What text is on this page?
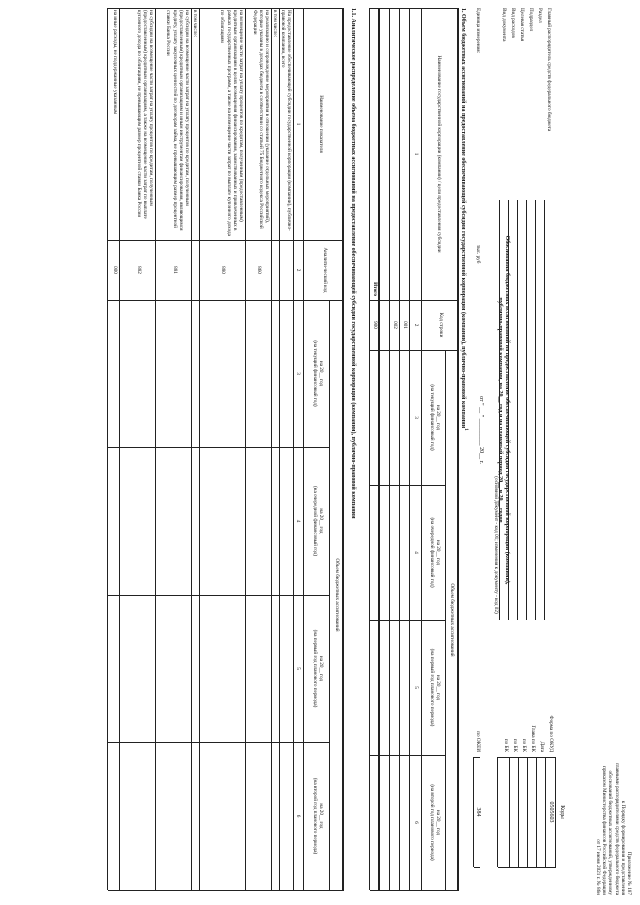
Приложение № 187
к Порядку формирования и представления
главными распорядителями средств федерального бюджета
обоснований бюджетных ассигнований, утвержденному
приказом Министерства финансов Российской Федерации
от 17 июня 2021 г. № 86н
Обоснования бюджетных ассигнований на предоставление обеспечивающей субсидии государственной корпорации (компании),
публично-правовой компании, на 20__ год и на плановый период 20__ и 20__ годов
от " __ " _________ 20__ г.
Коды
Форма по ОКУД
0505603
Дата
Глава по БК
по БК
по БК
по БК
по ОКЕИ
384
Главный распорядитель средств федерального бюджета
Раздел
Подраздел
Целевая статья
Вид расходов
Вид документа
(основной документ - код 01; изменения к документу - код 02)
Единица измерения:
тыс. руб
1. Объем бюджетных ассигнований на предоставление обеспечивающей субсидии государственной корпорации (компании), публично-правовой компании$^1$
Наименование государственной корпорации (компании) / цели предоставления субсидии
Код строки
Объем бюджетных ассигнований
на 20__ год
(на текущий финансовый год)
на 20__ год
(на очередной финансовый год)
на 20__ год
(на первый год планового периода)
на 20__ год
(на второй год планового периода)
1
2
3
4
5
6
001
002
Итого
900
1.1. Аналитическое распределение объема бюджетных ассигнований на предоставление обеспечивающей субсидии государственной корпорации (компании), публично-правовой компании
Наименование показателя
Аналити-ческий код
Объем бюджетных ассигнований
на 20__ год
(на текущий финансовый год)
на 20__ год
(на очередной финансовый год)
на 20__ год
(на первый год планового периода)
на 20__ год
(на второй год планового периода)
1
2
3
4
5
6
На предоставление обеспечивающей субсидии государственной корпорации (компании), публично-правовой компании, всего
в том числе:
на реализацию и сопровождение мероприятия в отношении (указание отдельных мероприятий), которые указаны в доходах бюджета в соответствии со статьей 75 Бюджетного кодекса Российской Федерации
860
на возмещение части затрат на уплату процентов по кредитам, полученным (предоставленным) кредитным организациям в целях возмещения финансирования, заимствованных и привлеченных в рамках государственных программ, а также на возмещение части затрат по выплате купонного дохода по облигациям
880
в том числе:
на субсидии на возмещение части затрат на уплату процентов по кредитам, полученным (предоставленным) кредитным организациям и иным инструментам финансирования, являющимся кредиту, уплату закупочных ценностей по договорам займа, не превышающим размер процентной ставки Банка России
881
на субсидии на возмещение части затрат на уплату процентов по кредитам, полученным (предоставленным) кредитным организациям, а также на возмещение части затрат по выплате купонного дохода по облигациям, не превышающим размер процентной ставки Банка России
882
на иные расходы, не поддержанные указанным
000
